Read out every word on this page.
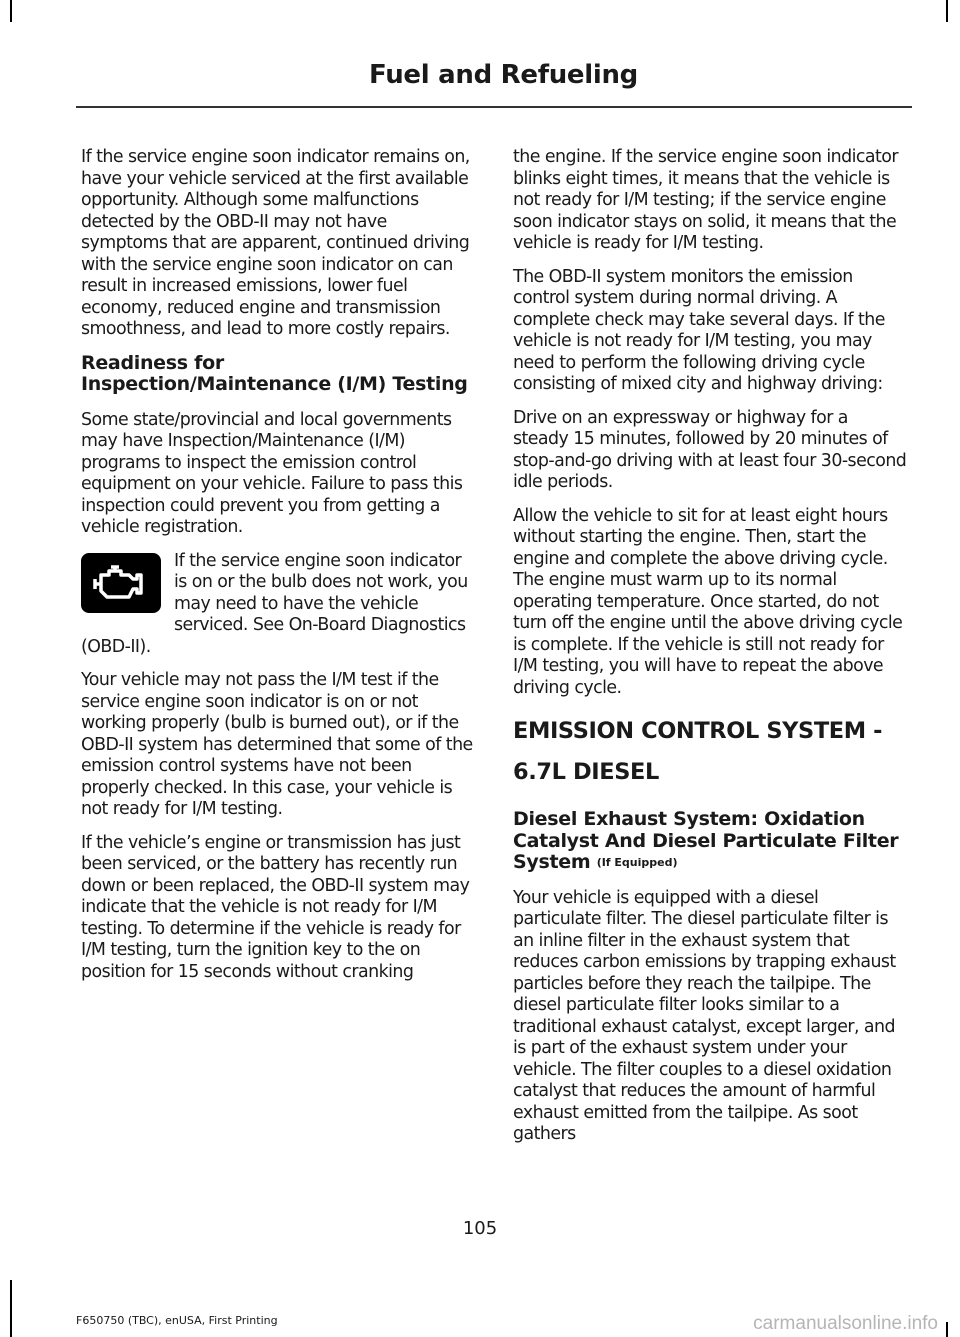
Fuel and Refueling

If the service engine soon indicator remains on, have your vehicle serviced at the first available opportunity. Although some malfunctions detected by the OBD-II may not have symptoms that are apparent, continued driving with the service engine soon indicator on can result in increased emissions, lower fuel economy, reduced engine and transmission smoothness, and lead to more costly repairs.

Readiness for Inspection/Maintenance (I/M) Testing

Some state/provincial and local governments may have Inspection/Maintenance (I/M) programs to inspect the emission control equipment on your vehicle. Failure to pass this inspection could prevent you from getting a vehicle registration.

If the service engine soon indicator is on or the bulb does not work, you may need to have the vehicle serviced. See On-Board Diagnostics (OBD-II).

Your vehicle may not pass the I/M test if the service engine soon indicator is on or not working properly (bulb is burned out), or if the OBD-II system has determined that some of the emission control systems have not been properly checked. In this case, your vehicle is not ready for I/M testing.

If the vehicle’s engine or transmission has just been serviced, or the battery has recently run down or been replaced, the OBD-II system may indicate that the vehicle is not ready for I/M testing. To determine if the vehicle is ready for I/M testing, turn the ignition key to the on position for 15 seconds without cranking

the engine. If the service engine soon indicator blinks eight times, it means that the vehicle is not ready for I/M testing; if the service engine soon indicator stays on solid, it means that the vehicle is ready for I/M testing.

The OBD-II system monitors the emission control system during normal driving. A complete check may take several days. If the vehicle is not ready for I/M testing, you may need to perform the following driving cycle consisting of mixed city and highway driving:

Drive on an expressway or highway for a steady 15 minutes, followed by 20 minutes of stop-and-go driving with at least four 30-second idle periods.

Allow the vehicle to sit for at least eight hours without starting the engine. Then, start the engine and complete the above driving cycle. The engine must warm up to its normal operating temperature. Once started, do not turn off the engine until the above driving cycle is complete. If the vehicle is still not ready for I/M testing, you will have to repeat the above driving cycle.

EMISSION CONTROL SYSTEM - 6.7L DIESEL
Diesel Exhaust System: Oxidation Catalyst And Diesel Particulate Filter System (If Equipped)

Your vehicle is equipped with a diesel particulate filter. The diesel particulate filter is an inline filter in the exhaust system that reduces carbon emissions by trapping exhaust particles before they reach the tailpipe. The diesel particulate filter looks similar to a traditional exhaust catalyst, except larger, and is part of the exhaust system under your vehicle. The filter couples to a diesel oxidation catalyst that reduces the amount of harmful exhaust emitted from the tailpipe. As soot gathers

105
F650750 (TBC), enUSA, First Printing	carmanualsonline.info
